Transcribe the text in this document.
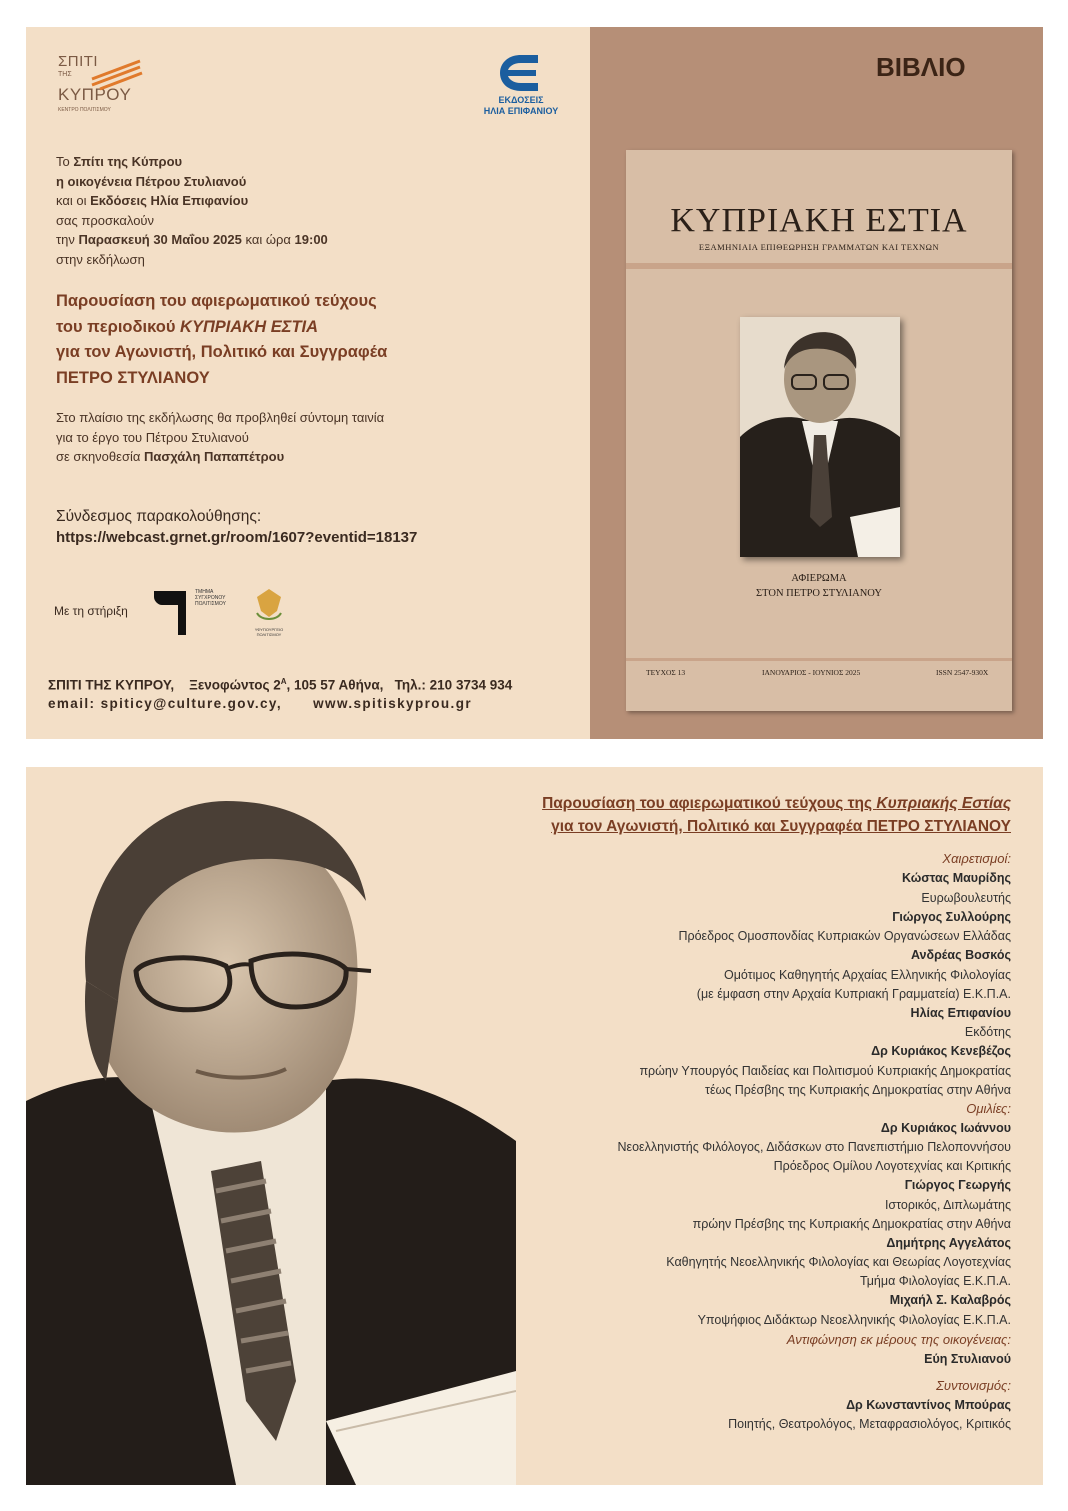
ΣΠΙΤΙ
ΤΗΣ
ΚΥΠΡΟΥ
ΚΕΝΤΡΟ ΠΟΛΙΤΙΣΜΟΥ
ΕΚΔΟΣΕΙΣ
ΗΛΙΑ ΕΠΙΦΑΝΙΟΥ
Το Σπίτι της Κύπρου
η οικογένεια Πέτρου Στυλιανού
και οι Εκδόσεις Ηλία Επιφανίου
σας προσκαλούν
την Παρασκευή 30 Μαΐου 2025 και ώρα 19:00
στην εκδήλωση
Παρουσίαση του αφιερωματικού τεύχους
του περιοδικού ΚΥΠΡΙΑΚΗ ΕΣΤΙΑ
για τον Αγωνιστή, Πολιτικό και Συγγραφέα
ΠΕΤΡΟ ΣΤΥΛΙΑΝΟΥ
Στο πλαίσιο της εκδήλωσης θα προβληθεί σύντομη ταινία
για το έργο του Πέτρου Στυλιανού
σε σκηνοθεσία Πασχάλη Παπαπέτρου
Σύνδεσμος παρακολούθησης:
https://webcast.grnet.gr/room/1607?eventid=18137
Με τη στήριξη
ΤΜΗΜΑ ΣΥΓΧΡΟΝΟΥ ΠΟΛΙΤΙΣΜΟΥ
ΥΦΥΠΟΥΡΓΕΙΟ ΠΟΛΙΤΙΣΜΟΥ
ΣΠΙΤΙ ΤΗΣ ΚΥΠΡΟΥ, Ξενοφώντος $2^A$, 105 57 Αθήνα, Τηλ.: 210 3734 934
email: spiticy@culture.gov.cy, www.spitiskyprou.gr
ΒΙΒΛΙΟ
ΚΥΠΡΙΑΚΗ ΕΣΤΙΑ
ΕΞΑΜΗΝΙΑΙΑ ΕΠΙΘΕΩΡΗΣΗ ΓΡΑΜΜΑΤΩΝ ΚΑΙ ΤΕΧΝΩΝ
ΑΦΙΕΡΩΜΑ
ΣΤΟΝ ΠΕΤΡΟ ΣΤΥΛΙΑΝΟΥ
ΤΕΥΧΟΣ 13	ΙΑΝΟΥΑΡΙΟΣ - ΙΟΥΝΙΟΣ 2025	ISSN 2547-930X
Παρουσίαση του αφιερωματικού τεύχους της Κυπριακής Εστίας
για τον Αγωνιστή, Πολιτικό και Συγγραφέα ΠΕΤΡΟ ΣΤΥΛΙΑΝΟΥ
Χαιρετισμοί:
Κώστας Μαυρίδης
Ευρωβουλευτής
Γιώργος Συλλούρης
Πρόεδρος Ομοσπονδίας Κυπριακών Οργανώσεων Ελλάδας
Ανδρέας Βοσκός
Ομότιμος Καθηγητής Αρχαίας Ελληνικής Φιλολογίας
(με έμφαση στην Αρχαία Κυπριακή Γραμματεία) Ε.Κ.Π.Α.
Ηλίας Επιφανίου
Εκδότης
Δρ Κυριάκος Κενεβέζος
πρώην Υπουργός Παιδείας και Πολιτισμού Κυπριακής Δημοκρατίας
τέως Πρέσβης της Κυπριακής Δημοκρατίας στην Αθήνα
Ομιλίες:
Δρ Κυριάκος Ιωάννου
Νεοελληνιστής Φιλόλογος, Διδάσκων στο Πανεπιστήμιο Πελοποννήσου
Πρόεδρος Ομίλου Λογοτεχνίας και Κριτικής
Γιώργος Γεωργής
Ιστορικός, Διπλωμάτης
πρώην Πρέσβης της Κυπριακής Δημοκρατίας στην Αθήνα
Δημήτρης Αγγελάτος
Καθηγητής Νεοελληνικής Φιλολογίας και Θεωρίας Λογοτεχνίας
Τμήμα Φιλολογίας Ε.Κ.Π.Α.
Μιχαήλ Σ. Καλαβρός
Υποψήφιος Διδάκτωρ Νεοελληνικής Φιλολογίας Ε.Κ.Π.Α.
Αντιφώνηση εκ μέρους της οικογένειας:
Εύη Στυλιανού
Συντονισμός:
Δρ Κωνσταντίνος Μπούρας
Ποιητής, Θεατρολόγος, Μεταφρασιολόγος, Κριτικός
